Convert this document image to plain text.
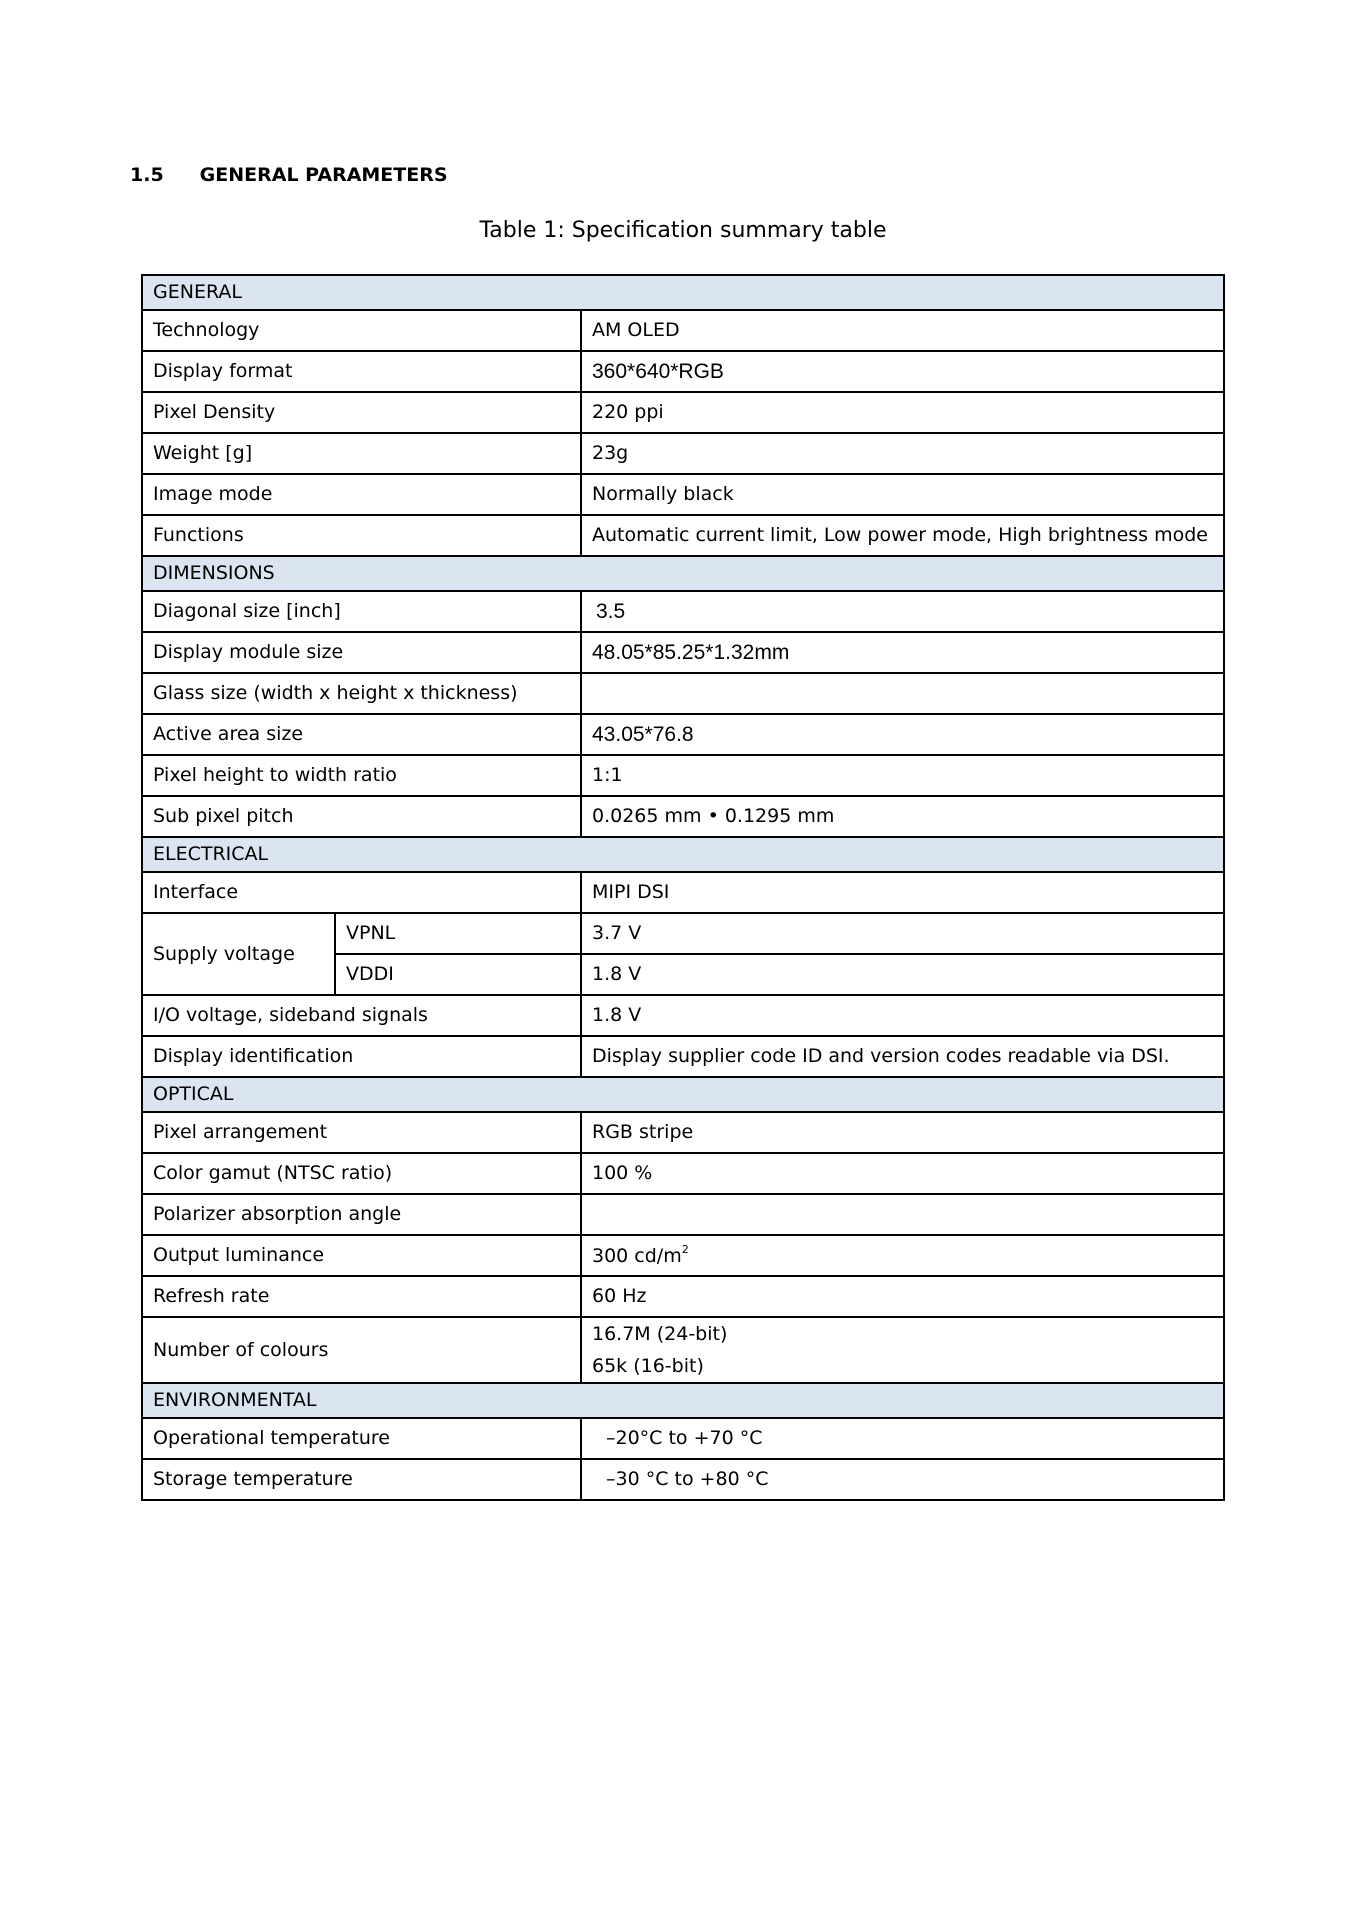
1.5 GENERAL PARAMETERS
Table 1: Specification summary table
GENERAL		
Technology		AM OLED
Display format		360*640*RGB
Pixel Density		220 ppi
Weight [g]		23g
Image mode		Normally black
Functions		Automatic current limit, Low power mode, High brightness mode
DIMENSIONS		
Diagonal size [inch]		3.5
Display module size		48.05*85.25*1.32mm
Glass size (width x height x thickness)		
Active area size		43.05*76.8
Pixel height to width ratio		1:1
Sub pixel pitch		0.0265 mm • 0.1295 mm
ELECTRICAL		
Interface		MIPI DSI
Supply voltage	VPNL	3.7 V
	VDDI	1.8 V
I/O voltage, sideband signals		1.8 V
Display identification		Display supplier code ID and version codes readable via DSI.
OPTICAL		
Pixel arrangement		RGB stripe
Color gamut (NTSC ratio)		100 %
Polarizer absorption angle		
Output luminance		300 $cd/m^2$
Refresh rate		60 Hz
Number of colours		16.7M (24-bit)
65k (16-bit)

ENVIRONMENTAL		
Operational temperature		–20°C to +70 °C
Storage temperature		–30 °C to +80 °C
